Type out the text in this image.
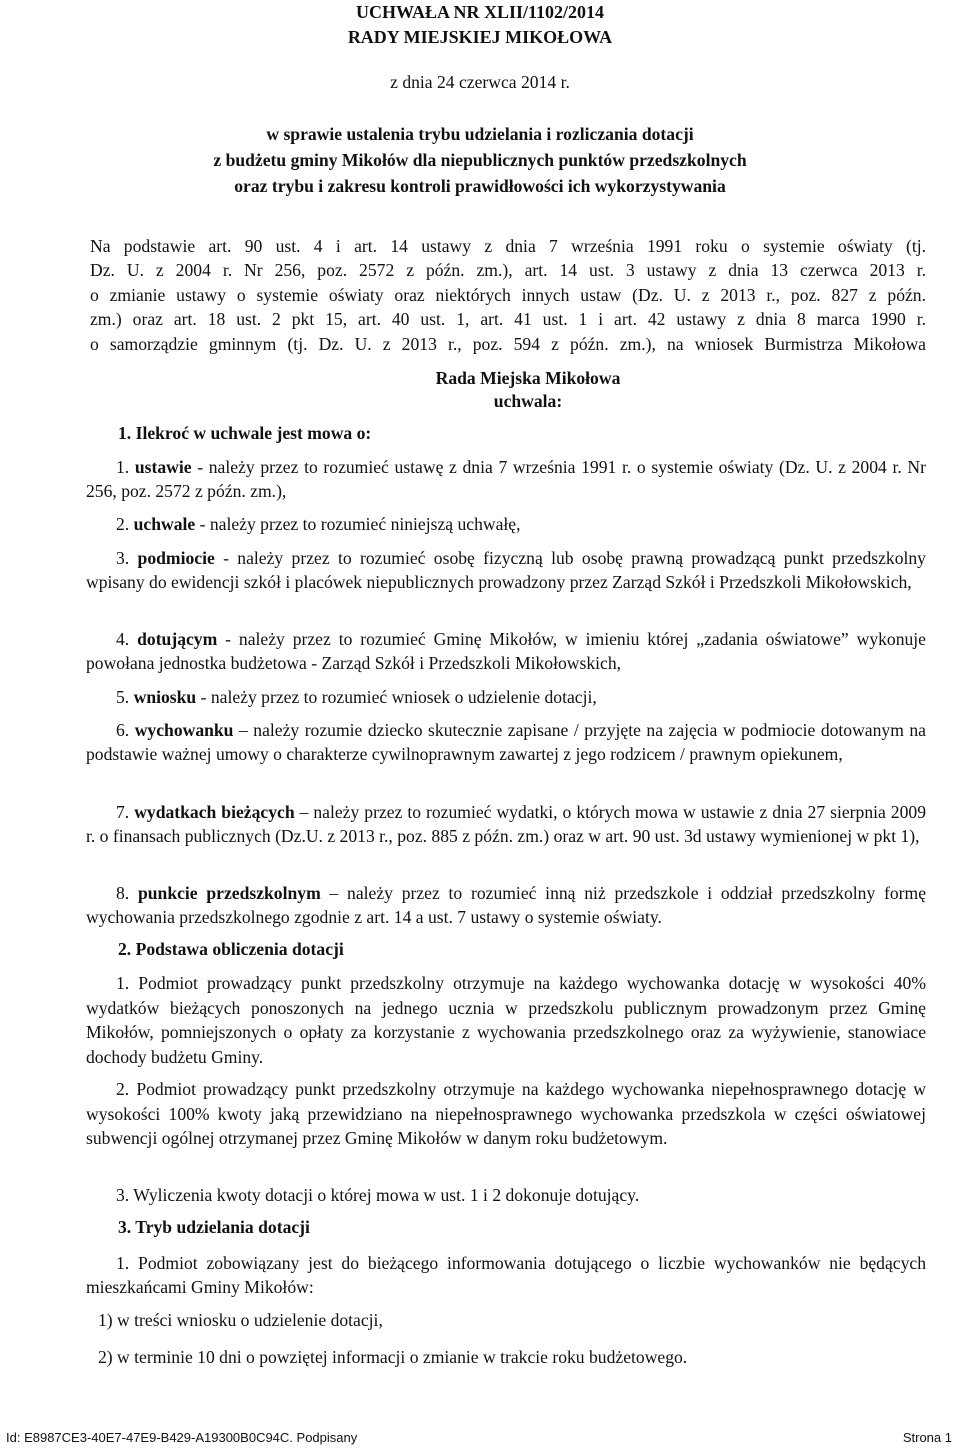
UCHWAŁA NR XLII/1102/2014
RADY MIEJSKIEJ MIKOŁOWA
z dnia 24 czerwca 2014 r.
w sprawie ustalenia trybu udzielania i rozliczania dotacji
z budżetu gminy Mikołów dla niepublicznych punktów przedszkolnych
oraz trybu i zakresu kontroli prawidłowości ich wykorzystywania
Na podstawie art. 90 ust. 4 i art. 14 ustawy z dnia 7 września 1991 roku o systemie oświaty (tj.
Dz. U. z 2004 r. Nr 256, poz. 2572 z późn. zm.), art. 14 ust. 3 ustawy z dnia 13 czerwca 2013 r.
o zmianie ustawy o systemie oświaty oraz niektórych innych ustaw (Dz. U. z 2013 r., poz. 827 z późn.
zm.) oraz art. 18 ust. 2 pkt 15, art. 40 ust. 1, art. 41 ust. 1 i art. 42 ustawy z dnia 8 marca 1990 r.
o samorządzie gminnym (tj. Dz. U. z 2013 r., poz. 594 z późn. zm.), na wniosek Burmistrza Mikołowa
Rada Miejska Mikołowa
uchwala:
1. Ilekroć w uchwale jest mowa o:
1. ustawie - należy przez to rozumieć ustawę z dnia 7 września 1991 r. o systemie oświaty (Dz. U. z 2004 r. Nr 256, poz. 2572 z późn. zm.),
2. uchwale - należy przez to rozumieć niniejszą uchwałę,
3. podmiocie - należy przez to rozumieć osobę fizyczną lub osobę prawną prowadzącą punkt przedszkolny wpisany do ewidencji szkół i placówek niepublicznych prowadzony przez Zarząd Szkół i Przedszkoli Mikołowskich,
4. dotującym - należy przez to rozumieć Gminę Mikołów, w imieniu której „zadania oświatowe” wykonuje powołana jednostka budżetowa - Zarząd Szkół i Przedszkoli Mikołowskich,
5. wniosku - należy przez to rozumieć wniosek o udzielenie dotacji,
6. wychowanku – należy rozumie dziecko skutecznie zapisane / przyjęte na zajęcia w podmiocie dotowanym na podstawie ważnej umowy o charakterze cywilnoprawnym zawartej z jego rodzicem / prawnym opiekunem,
7. wydatkach bieżących – należy przez to rozumieć wydatki, o których mowa w ustawie z dnia 27 sierpnia 2009 r. o finansach publicznych (Dz.U. z 2013 r., poz. 885 z późn. zm.) oraz w art. 90 ust. 3d ustawy wymienionej w pkt 1),
8. punkcie przedszkolnym – należy przez to rozumieć inną niż przedszkole i oddział przedszkolny formę wychowania przedszkolnego zgodnie z art. 14 a ust. 7 ustawy o systemie oświaty.
2. Podstawa obliczenia dotacji
1. Podmiot prowadzący punkt przedszkolny otrzymuje na każdego wychowanka dotację w wysokości 40% wydatków bieżących ponoszonych na jednego ucznia w przedszkolu publicznym prowadzonym przez Gminę Mikołów, pomniejszonych o opłaty za korzystanie z wychowania przedszkolnego oraz za wyżywienie, stanowiace dochody budżetu Gminy.
2. Podmiot prowadzący punkt przedszkolny otrzymuje na każdego wychowanka niepełnosprawnego dotację w wysokości 100% kwoty jaką przewidziano na niepełnosprawnego wychowanka przedszkola w części oświatowej subwencji ogólnej otrzymanej przez Gminę Mikołów w danym roku budżetowym.
3. Wyliczenia kwoty dotacji o której mowa w ust. 1 i 2 dokonuje dotujący.
3. Tryb udzielania dotacji
1. Podmiot zobowiązany jest do bieżącego informowania dotującego o liczbie wychowanków nie będących mieszkańcami Gminy Mikołów:
1) w treści wniosku o udzielenie dotacji,
2) w terminie 10 dni o powziętej informacji o zmianie w trakcie roku budżetowego.
Id: E8987CE3-40E7-47E9-B429-A19300B0C94C. Podpisany	Strona 1
